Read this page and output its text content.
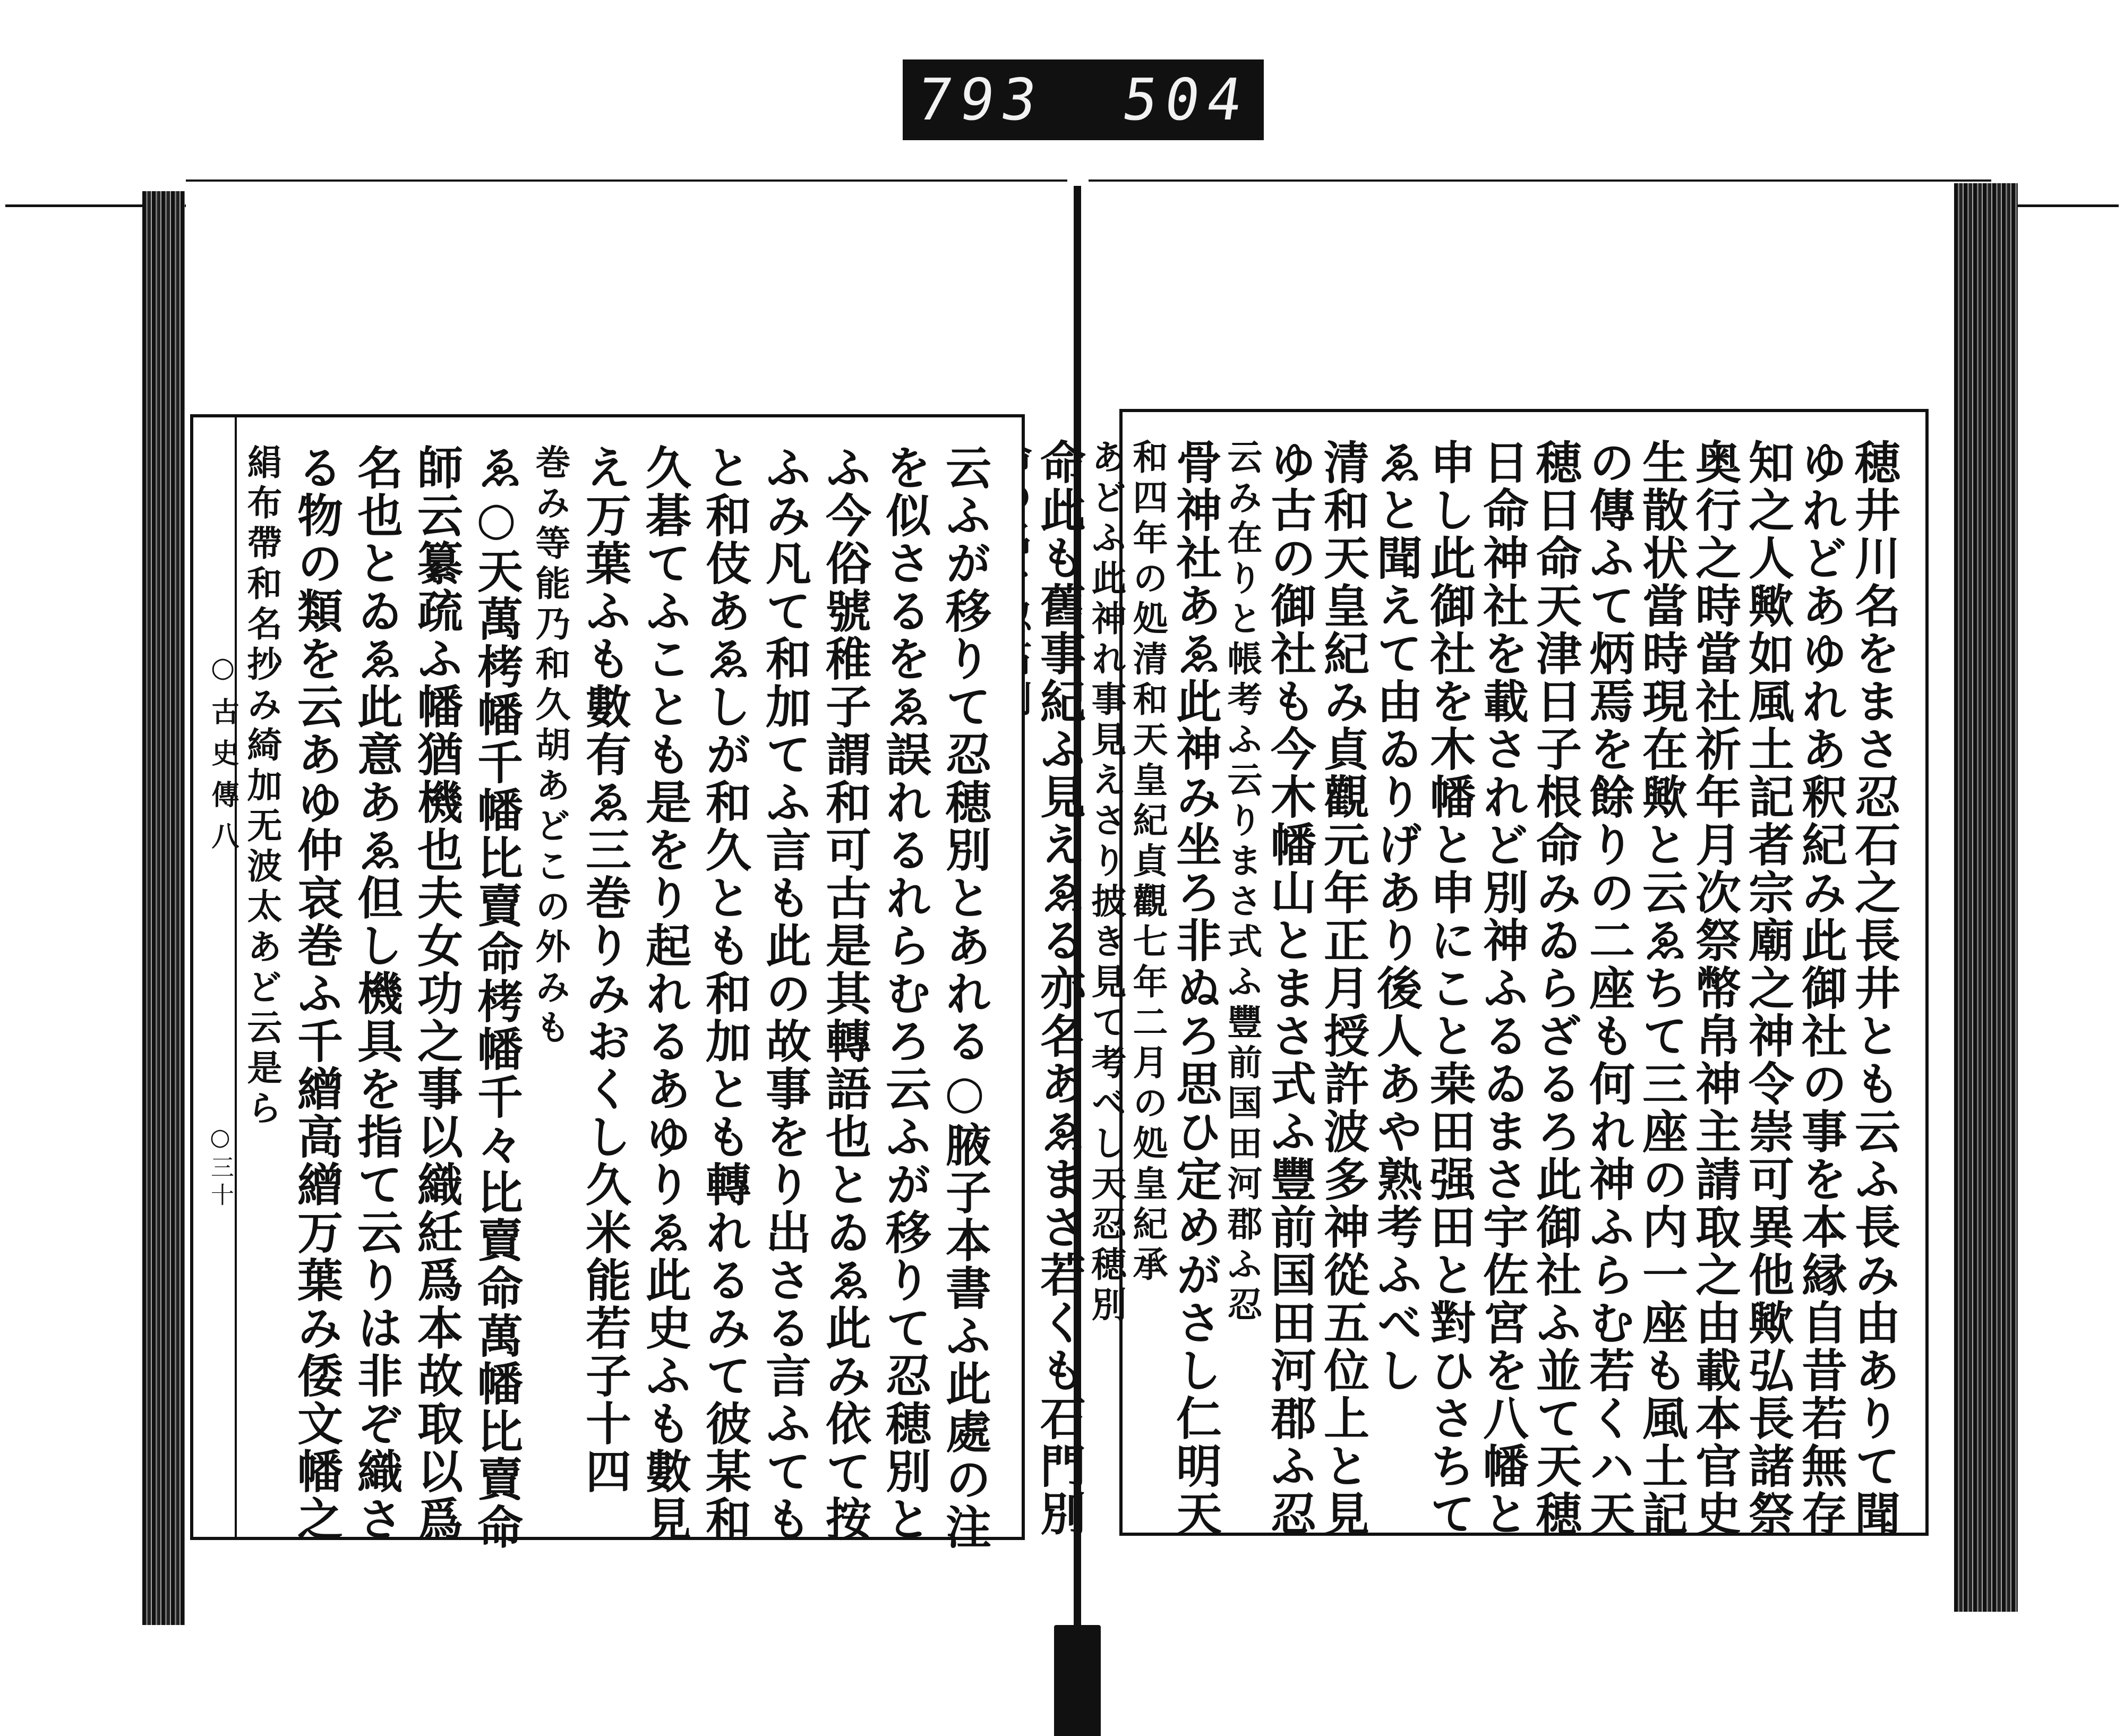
793 504
穂井川名をまさ忍石之長井とも云ふ長み由ありて聞
ゆれどあゆれあ釈紀み此御社の事を本縁自昔若無存
知之人歟如風土記者宗廟之神令崇可異他歟弘長諸祭
奥行之時當社祈年月次祭幣帛神主請取之由載本官史
生散状當時現在歟と云ゑちて三座の内一座も風土記
の傳ふて炳焉を餘りの二座も何れ神ふらむ若くハ天
穂日命天津日子根命みゐらざるろ此御社ふ並て天穂
日命神社を載されど別神ふるゐまさ宇佐宮を八幡と
申し此御社を木幡と申にこと桒田强田と對ひさちて
ゑと聞えて由ゐりげあり後人あや熟考ふべし
清和天皇紀み貞觀元年正月授許波多神從五位上と見
ゆ古の御社も今木幡山とまさ式ふ豐前国田河郡ふ忍
云み在りと帳考ふ云りまさ式ふ豐前国田河郡ふ忍
骨神社あゑ此神み坐ろ非ぬろ思ひ定めがさし仁明天
和四年の処清和天皇紀貞觀七年二月の処皇紀承
あどふ此神れ事見えさり披き見て考べし天忍穂別
命此も舊事紀ふ見えゑる亦名あゑまさ若くも石門別
○古史傳八
○三十	云ふが移りて忍穂別とあれる○腋子本書ふ此處の注
を似さるをゑ誤れるれらむろ云ふが移りて忍穂別と
ふ今俗號稚子謂和可古是其轉語也とゐゑ此み依て按
ふみ凡て和加てふ言も此の故事をり出さる言ふても
と和伎あゑしが和久とも和加とも轉れるみて彼某和
久碁てふことも是をり起れるあゆりゑ此史ふも數見
え万葉ふも數有ゑ三巻りみおくし久米能若子十四
巻み等能乃和久胡あどこの外みも
ゑ○天萬栲幡千幡比賣命栲幡千々比賣命萬幡比賣命
師云纂疏ふ幡猶機也夫女功之事以織紝爲本故取以爲
名也とゐゑ此意あゑ但し機具を指て云りは非ぞ織さ
る物の類を云あゆ仲哀巻ふ千繒高繒万葉み倭文幡之
絹布帶和名抄み綺加无波太あど云是ら
